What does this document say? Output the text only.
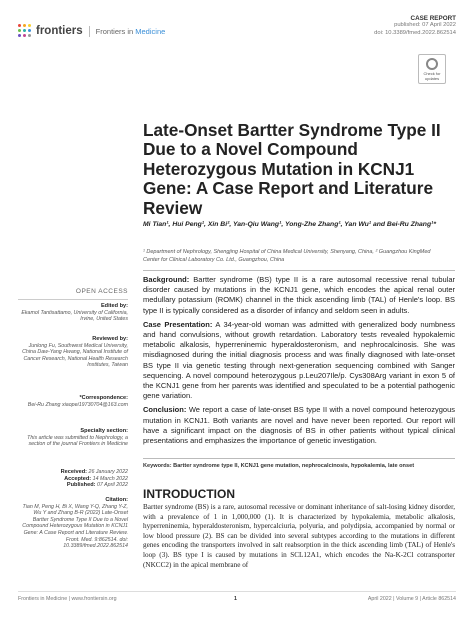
frontiers Frontiers in Medicine
CASE REPORT
published: 07 April 2022
doi: 10.3389/fmed.2022.862514
Check for updates
Late-Onset Bartter Syndrome Type II Due to a Novel Compound Heterozygous Mutation in KCNJ1 Gene: A Case Report and Literature Review
Mi Tian¹, Hui Peng¹, Xin Bi², Yan-Qiu Wang¹, Yong-Zhe Zhang¹, Yan Wu¹ and Bei-Ru Zhang¹*
¹ Department of Nephrology, Shengjing Hospital of China Medical University, Shenyang, China, ² Guangzhou KingMed Center for Clinical Laboratory Co. Ltd., Guangzhou, China

Background: Bartter syndrome (BS) type II is a rare autosomal recessive renal tubular disorder caused by mutations in the KCNJ1 gene, which encodes the apical renal outer medullary potassium (ROMK) channel in the thick ascending limb (TAL) of Henle's loop. BS type II is typically considered as a disorder of infancy and seldom seen in adults.

Case Presentation: A 34-year-old woman was admitted with generalized body numbness and hand convulsions, without growth retardation. Laboratory tests revealed hypokalemic metabolic alkalosis, hyperreninemic hyperaldosteronism, and nephrocalcinosis. She was misdiagnosed during the initial diagnosis process and was finally diagnosed with late-onset BS type II via genetic testing through next-generation sequencing combined with Sanger sequencing. A novel compound heterozygous p.Leu207Ile/p. Cys308Arg variant in exon 5 of the KCNJ1 gene from her parents was identified and speculated to be a potential pathogenic gene variation.

Conclusion: We report a case of late-onset BS type II with a novel compound heterozygous mutation in KCNJ1. Both variants are novel and have never been reported. Our report will have a significant impact on the diagnosis of BS in other patients without typical clinical presentations and emphasizes the importance of genetic investigation.

Keywords: Bartter syndrome type II, KCNJ1 gene mutation, nephrocalcinosis, hypokalemia, late onset
INTRODUCTION
Bartter syndrome (BS) is a rare, autosomal recessive or dominant inheritance of salt-losing kidney disorder, with a prevalence of 1 in 1,000,000 (1). It is characterized by hypokalemia, metabolic alkalosis, hyperreninemia, hyperaldosteronism, hypercalciuria, polyuria, and polydipsia, accompanied by normal or low blood pressure (2). BS can be divided into several subtypes according to the mutations in different genes encoding the transporters involved in salt reabsorption in the thick ascending limb (TAL) of Henle's loop (3). BS type I is caused by mutations in SCL12A1, which encodes the Na-K-2Cl cotransporter (NKCC2) in the apical membrane of
OPEN ACCESS
Edited by:
Ekamol Tantisattamo, University of California, Irvine, United States
Reviewed by:
Junlong Fu, Southwest Medical University, China Daw-Yang Hwang, National Institute of Cancer Research, National Health Research Institutes, Taiwan
*Correspondence:
Bei-Ru Zhang xiaopei19730704@163.com
Specialty section:
This article was submitted to Nephrology, a section of the journal Frontiers in Medicine
Received: 26 January 2022
Accepted: 14 March 2022
Published: 07 April 2022
Citation:
Tian M, Peng H, Bi X, Wang Y-Q, Zhang Y-Z, Wu Y and Zhang B-R (2022) Late-Onset Bartter Syndrome Type II Due to a Novel Compound Heterozygous Mutation in KCNJ1 Gene: A Case Report and Literature Review. Front. Med. 9:862514. doi: 10.3389/fmed.2022.862514
Frontiers in Medicine | www.frontiersin.org	1	April 2022 | Volume 9 | Article 862514
